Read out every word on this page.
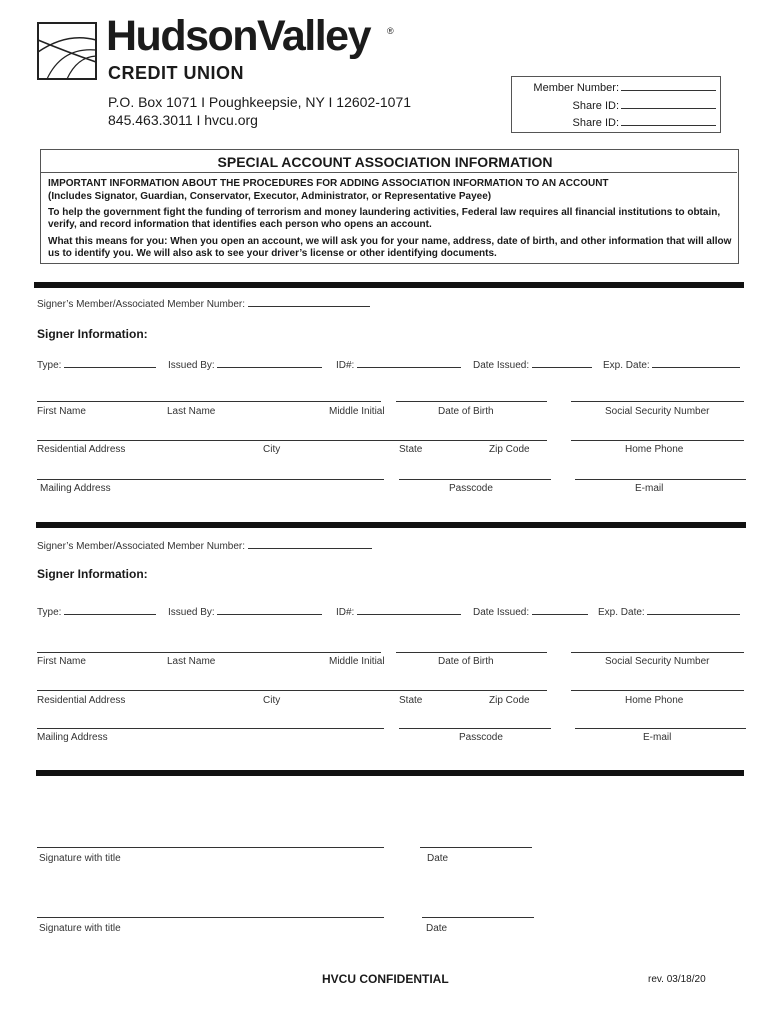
HudsonValley ®
CREDIT UNION
P.O. Box 1071 I Poughkeepsie, NY I 12602-1071
845.463.3011 I hvcu.org
Member Number:
Share ID:
Share ID:
SPECIAL ACCOUNT ASSOCIATION INFORMATION
IMPORTANT INFORMATION ABOUT THE PROCEDURES FOR ADDING ASSOCIATION INFORMATION TO AN ACCOUNT
(Includes Signator, Guardian, Conservator, Executor, Administrator, or Representative Payee)
To help the government fight the funding of terrorism and money laundering activities, Federal law requires all financial institutions to obtain, verify, and record information that identifies each person who opens an account.
What this means for you: When you open an account, we will ask you for your name, address, date of birth, and other information that will allow us to identify you. We will also ask to see your driver’s license or other identifying documents.
Signer’s Member/Associated Member Number:
Signer Information:
Type:	Issued By:	ID#:	Date Issued:	Exp. Date:
First Name	Last Name	Middle Initial	Date of Birth	Social Security Number
Residential Address	City	State	Zip Code	Home Phone
Mailing Address	Passcode	E-mail
Signer’s Member/Associated Member Number:
Signer Information:
Type:	Issued By:	ID#:	Date Issued:	Exp. Date:
First Name	Last Name	Middle Initial	Date of Birth	Social Security Number
Residential Address	City	State	Zip Code	Home Phone
Mailing Address	Passcode	E-mail
Signature with title	Date
Signature with title	Date
HVCU CONFIDENTIAL	rev. 03/18/20
